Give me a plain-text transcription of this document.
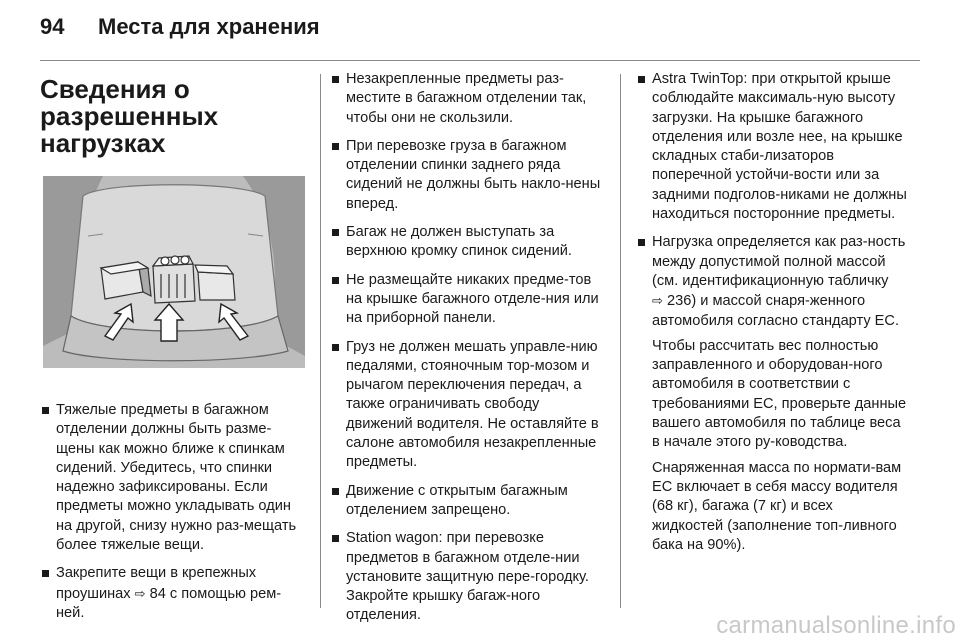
94	Места для хранения
Сведения о
разрешенных
нагрузках
Тяжелые предметы в багажном отделении должны быть разме-щены как можно ближе к спинкам сидений. Убедитесь, что спинки надежно зафиксированы. Если предметы можно укладывать один на другой, снизу нужно раз-мещать более тяжелые вещи.
Закрепите вещи в крепежных проушинах ⇨ 84 с помощью рем-ней.
Незакрепленные предметы раз-местите в багажном отделении так, чтобы они не скользили.
При перевозке груза в багажном отделении спинки заднего ряда сидений не должны быть накло-нены вперед.
Багаж не должен выступать за верхнюю кромку спинок сидений.
Не размещайте никаких предме-тов на крышке багажного отделе-ния или на приборной панели.
Груз не должен мешать управле-нию педалями, стояночным тор-мозом и рычагом переключения передач, а также ограничивать свободу движений водителя. Не оставляйте в салоне автомобиля незакрепленные предметы.
Движение с открытым багажным отделением запрещено.
Station wagon: при перевозке предметов в багажном отделе-нии установите защитную пере-городку. Закройте крышку багаж-ного отделения.
Astra TwinTop: при открытой крыше соблюдайте максималь-ную высоту загрузки. На крышке багажного отделения или возле нее, на крышке складных стаби-лизаторов поперечной устойчи-вости или за задними подголов-никами не должны находиться посторонние предметы.
Нагрузка определяется как раз-ность между допустимой полной массой (см. идентификационную табличку ⇨ 236) и массой снаря-женного автомобиля согласно стандарту ЕС.

Чтобы рассчитать вес полностью заправленного и оборудован-ного автомобиля в соответствии с требованиями ЕС, проверьте данные вашего автомобиля по таблице веса в начале этого ру-ководства.

Снаряженная масса по нормати-вам ЕС включает в себя массу водителя (68 кг), багажа (7 кг) и всех жидкостей (заполнение топ-ливного бака на 90%).

carmanualsonline.info
